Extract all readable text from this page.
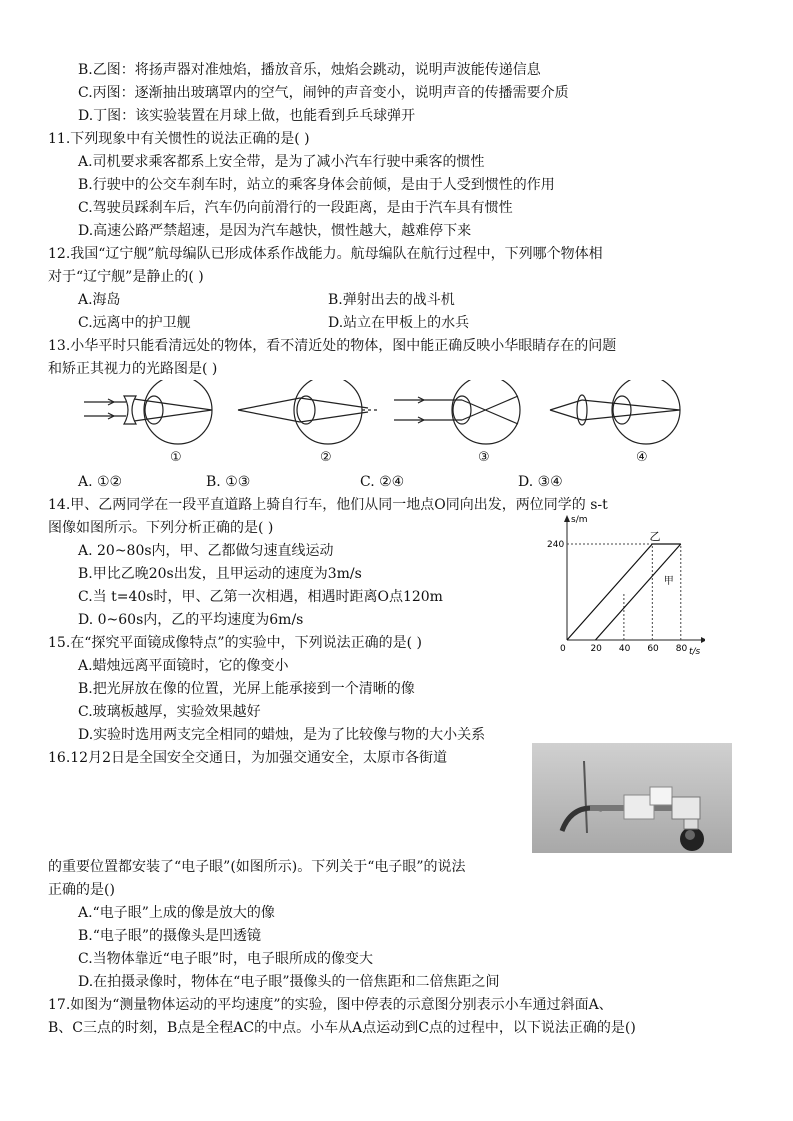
B.乙图：将扬声器对准烛焰，播放音乐，烛焰会跳动，说明声波能传递信息
C.丙图：逐渐抽出玻璃罩内的空气，闹钟的声音变小，说明声音的传播需要介质
D.丁图：该实验装置在月球上做，也能看到乒乓球弹开
11.下列现象中有关惯性的说法正确的是( )
A.司机要求乘客都系上安全带，是为了减小汽车行驶中乘客的惯性
B.行驶中的公交车刹车时，站立的乘客身体会前倾，是由于人受到惯性的作用
C.驾驶员踩刹车后，汽车仍向前滑行的一段距离，是由于汽车具有惯性
D.高速公路严禁超速，是因为汽车越快，惯性越大，越难停下来
12.我国“辽宁舰”航母编队已形成体系作战能力。航母编队在航行过程中，下列哪个物体相
对于“辽宁舰”是静止的( )
A.海岛	B.弹射出去的战斗机
C.远离中的护卫舰	D.站立在甲板上的水兵
13.小华平时只能看清远处的物体，看不清近处的物体，图中能正确反映小华眼睛存在的问题
和矫正其视力的光路图是( )
①	②	③	④
A. ①②	B. ①③	C. ②④	D. ③④
14.甲、乙两同学在一段平直道路上骑自行车，他们从同一地点O同向出发，两位同学的 s-t
图像如图所示。下列分析正确的是( )
A. 20~80s内，甲、乙都做匀速直线运动
B.甲比乙晚20s出发，且甲运动的速度为3m/s
C.当 t=40s时，甲、乙第一次相遇，相遇时距离O点120m
D. 0~60s内，乙的平均速度为6m/s
s/m
t/s
0	20 40 60 80
240
乙
甲
15.在“探究平面镜成像特点”的实验中，下列说法正确的是( )
A.蜡烛远离平面镜时，它的像变小
B.把光屏放在像的位置，光屏上能承接到一个清晰的像
C.玻璃板越厚，实验效果越好
D.实验时选用两支完全相同的蜡烛，是为了比较像与物的大小关系
16.12月2日是全国安全交通日，为加强交通安全，太原市各街道
的重要位置都安装了“电子眼”(如图所示)。下列关于“电子眼”的说法
正确的是()
A.“电子眼”上成的像是放大的像
B.“电子眼”的摄像头是凹透镜
C.当物体靠近“电子眼”时，电子眼所成的像变大
D.在拍摄录像时，物体在“电子眼”摄像头的一倍焦距和二倍焦距之间
17.如图为“测量物体运动的平均速度”的实验，图中停表的示意图分别表示小车通过斜面A、
B、C三点的时刻，B点是全程AC的中点。小车从A点运动到C点的过程中，以下说法正确的是()
